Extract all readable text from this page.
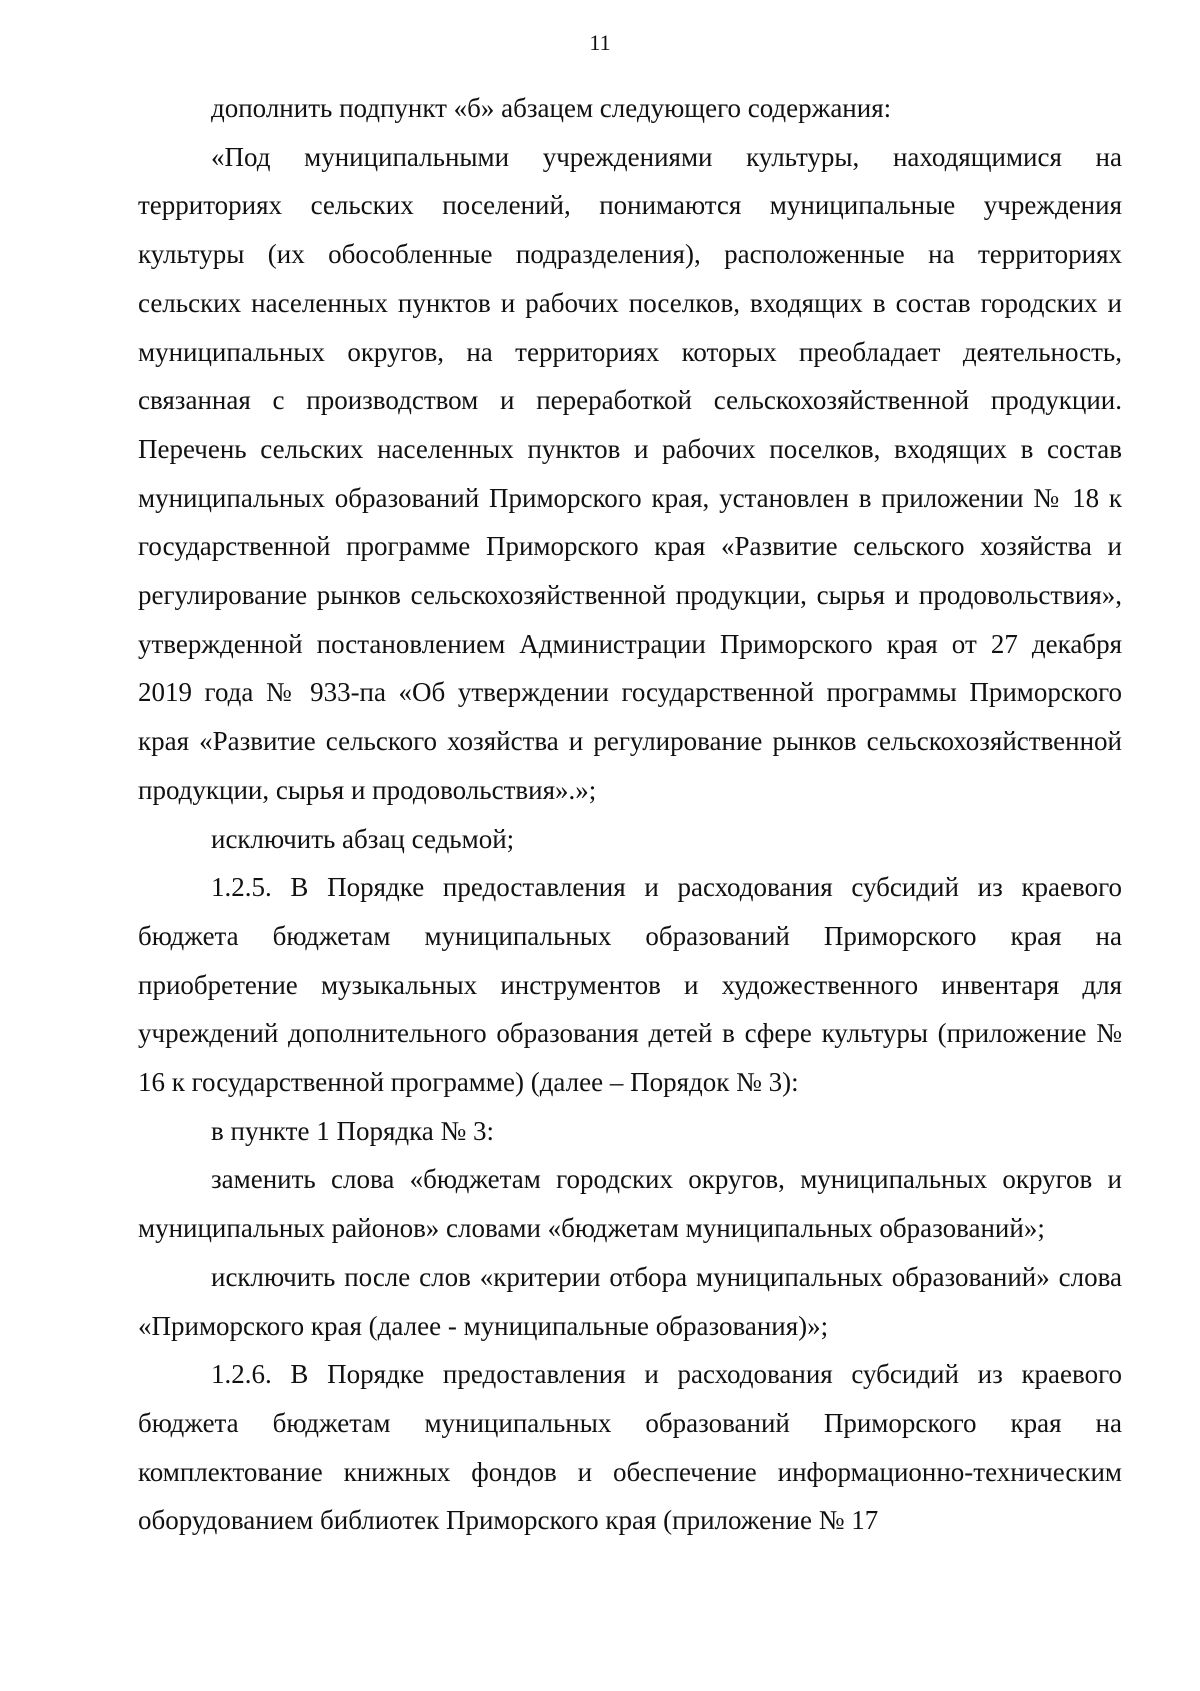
11

дополнить подпункт «б» абзацем следующего содержания:

«Под муниципальными учреждениями культуры, находящимися на территориях сельских поселений, понимаются муниципальные учреждения культуры (их обособленные подразделения), расположенные на территориях сельских населенных пунктов и рабочих поселков, входящих в состав городских и муниципальных округов, на территориях которых преобладает деятельность, связанная с производством и переработкой сельскохозяйственной продукции. Перечень сельских населенных пунктов и рабочих поселков, входящих в состав муниципальных образований Приморского края, установлен в приложении № 18 к государственной программе Приморского края «Развитие сельского хозяйства и регулирование рынков сельскохозяйственной продукции, сырья и продовольствия», утвержденной постановлением Администрации Приморского края от 27 декабря 2019 года № 933-па «Об утверждении государственной программы Приморского края «Развитие сельского хозяйства и регулирование рынков сельскохозяйственной продукции, сырья и продовольствия».»;

исключить абзац седьмой;

1.2.5. В Порядке предоставления и расходования субсидий из краевого бюджета бюджетам муниципальных образований Приморского края на приобретение музыкальных инструментов и художественного инвентаря для учреждений дополнительного образования детей в сфере культуры (приложение № 16 к государственной программе) (далее – Порядок № 3):

в пункте 1 Порядка № 3:

заменить слова «бюджетам городских округов, муниципальных округов и муниципальных районов» словами «бюджетам муниципальных образований»;

исключить после слов «критерии отбора муниципальных образований» слова «Приморского края (далее - муниципальные образования)»;

1.2.6. В Порядке предоставления и расходования субсидий из краевого бюджета бюджетам муниципальных образований Приморского края на комплектование книжных фондов и обеспечение информационно-техническим оборудованием библиотек Приморского края (приложение № 17
